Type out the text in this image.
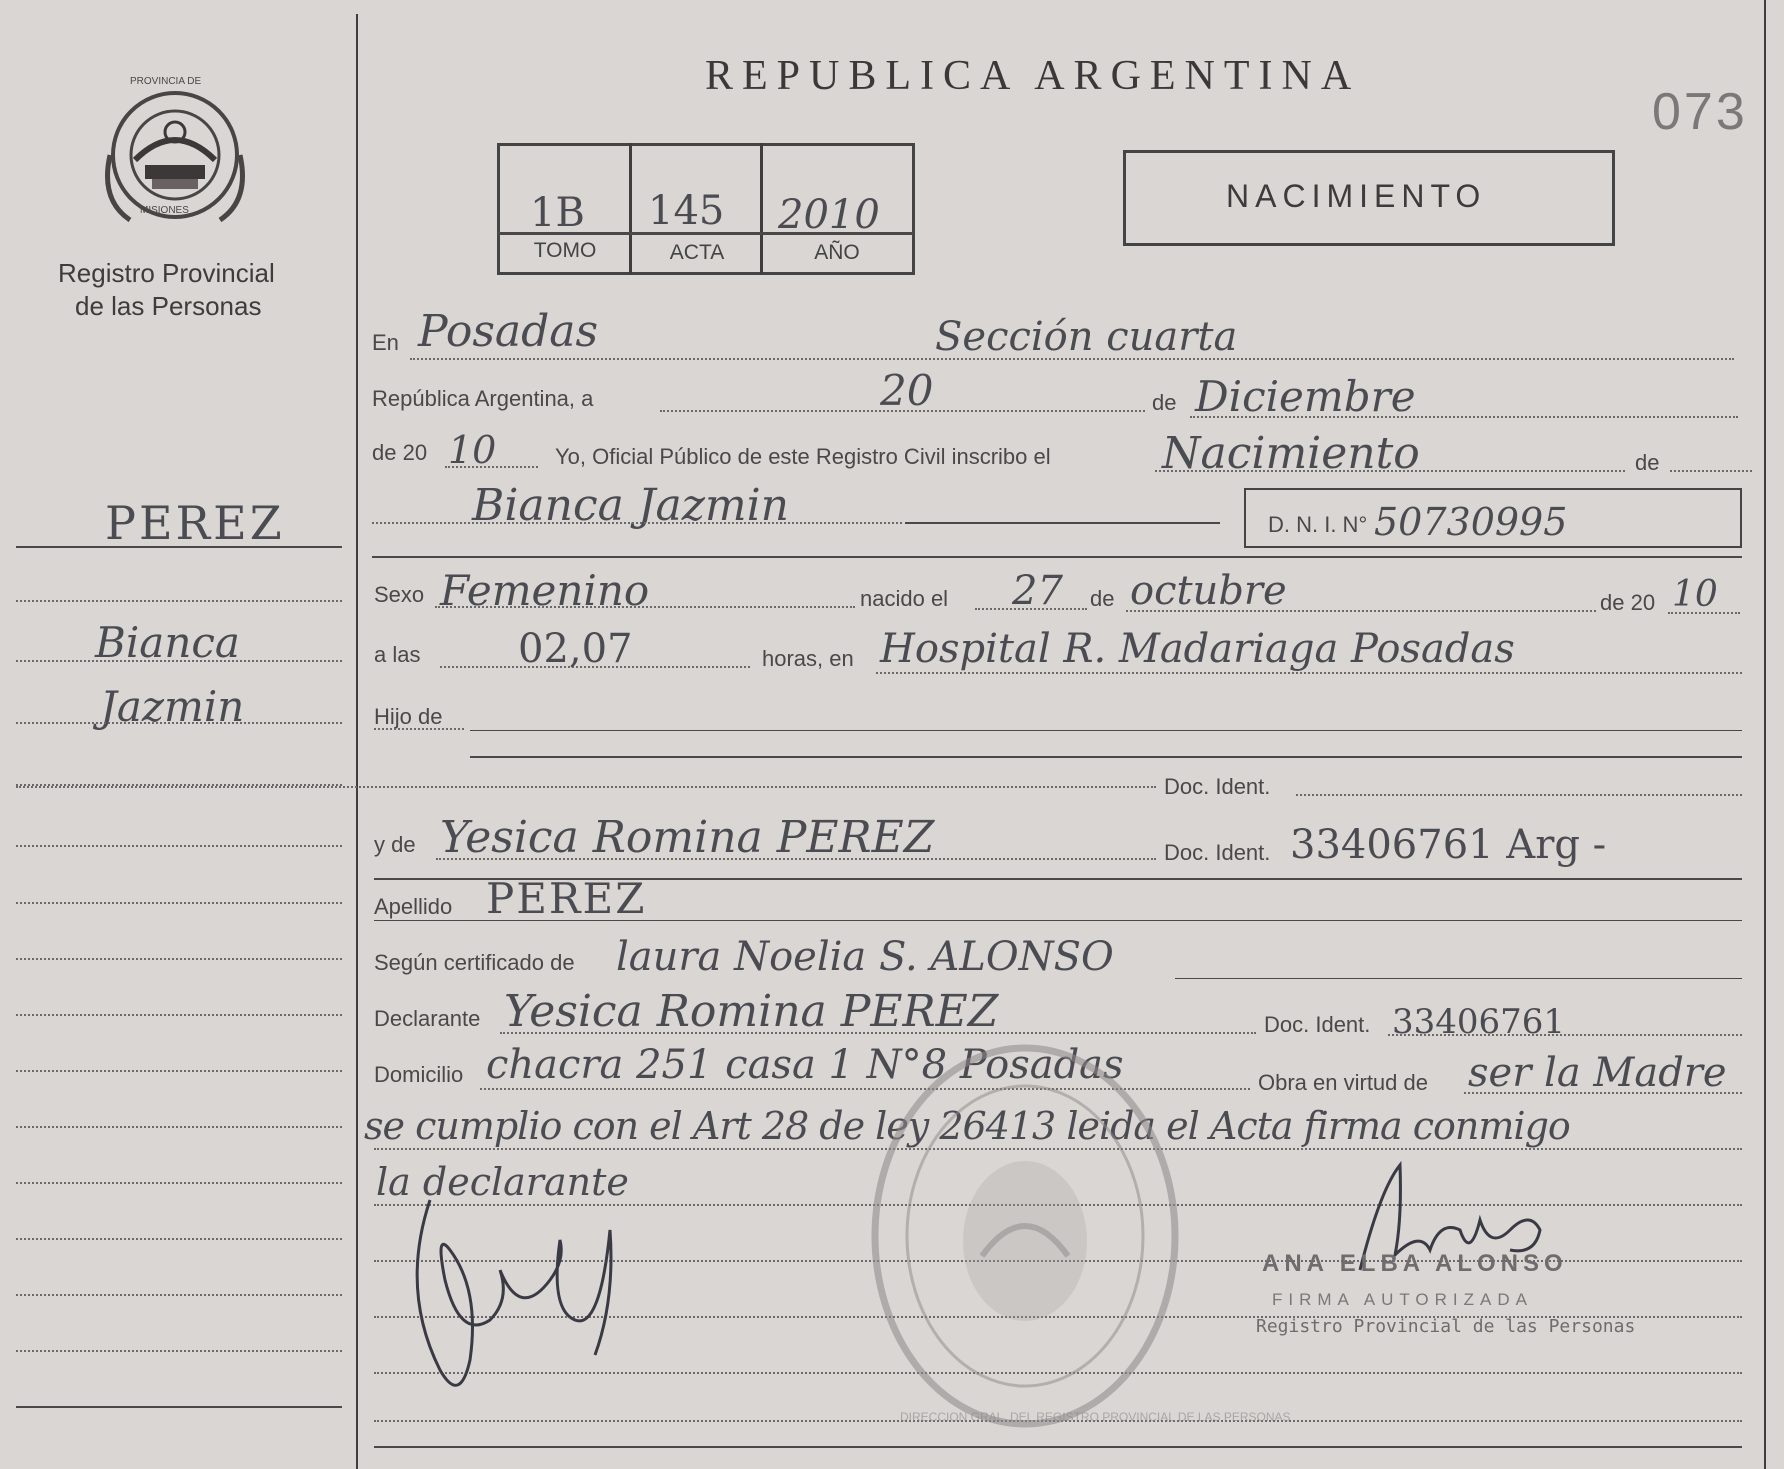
PROVINCIA DE
MISIONES
Registro Provincial
de las Personas
PEREZ
Bianca
Jazmin
REPUBLICA ARGENTINA
073
1B 145 2010
TOMO	ACTA	AÑO
NACIMIENTO
En Posadas	Sección cuarta
República Argentina, a	20	de Diciembre
de 20 10	Yo, Oficial Público de este Registro Civil inscribo el	Nacimiento	de
Bianca Jazmin	D. N. I. N° 50730995
Sexo Femenino	nacido el 27 de octubre	de 20 10
a las 02,07	horas, en Hospital R. Madariaga Posadas
Hijo de
Doc. Ident.
y de Yesica Romina PEREZ	Doc. Ident. 33406761 Arg -
Apellido PEREZ
Según certificado de laura Noelia S. ALONSO
Declarante Yesica Romina PEREZ	Doc. Ident. 33406761
Domicilio chacra 251 casa 1 N°8 Posadas	Obra en virtud de ser la Madre
se cumplio con el Art 28 de ley 26413 leida el Acta firma conmigo
la declarante
DIRECCION GRAL. DEL REGISTRO PROVINCIAL DE LAS PERSONAS
ANA ELBA ALONSO
FIRMA AUTORIZADA
Registro Provincial de las Personas
